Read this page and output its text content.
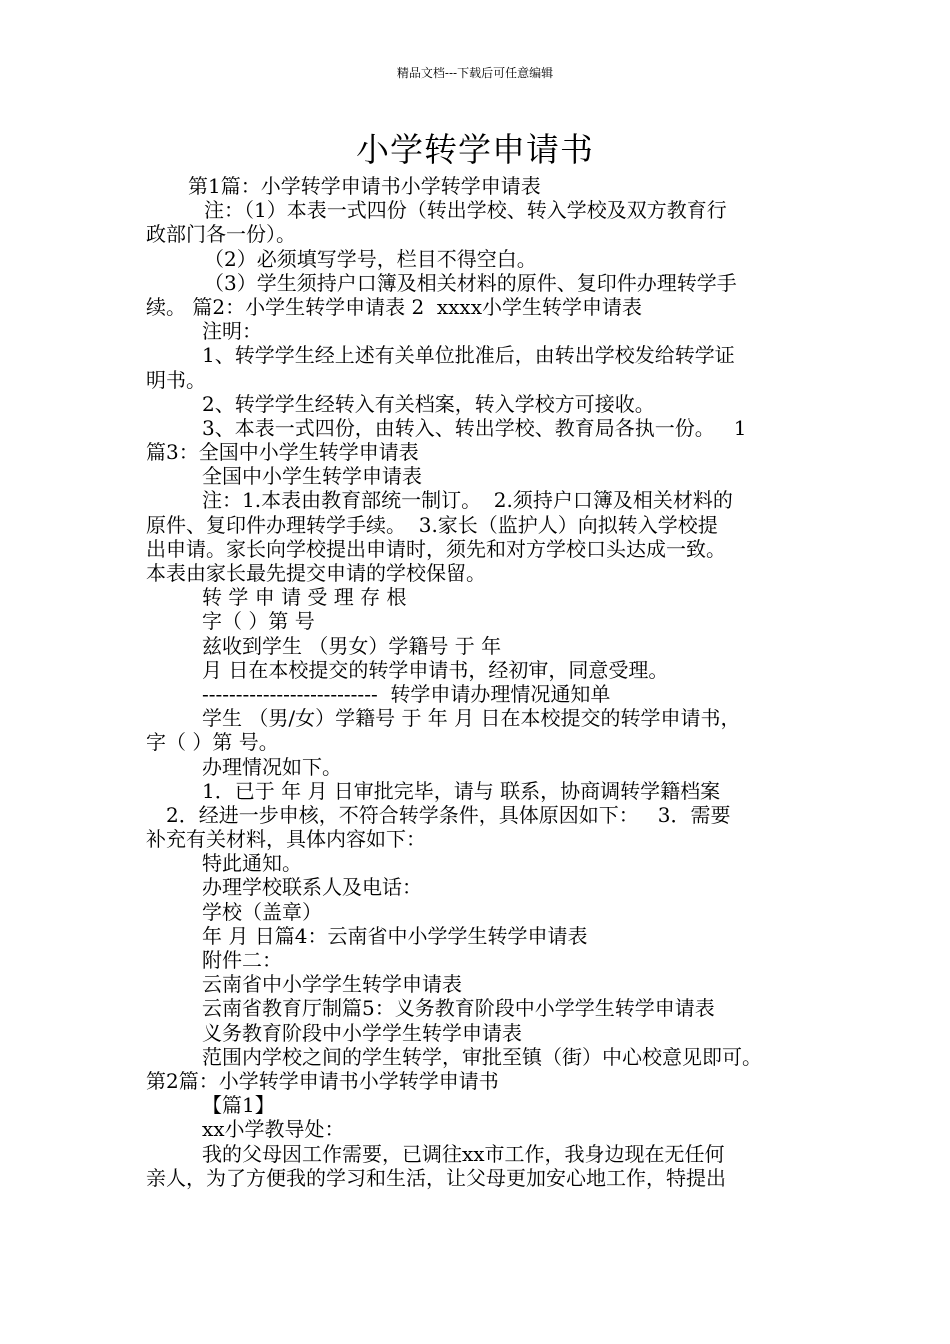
精品文档---下载后可任意编辑
小学转学申请书
第1篇：小学转学申请书小学转学申请表
注：（1）本表一式四份（转出学校、转入学校及双方教育行
政部门各一份）。
（2）必须填写学号，栏目不得空白。
（3）学生须持户口簿及相关材料的原件、复印件办理转学手
续。 篇2：小学生转学申请表 2  xxxx小学生转学申请表
注明：
1、转学学生经上述有关单位批准后，由转出学校发给转学证
明书。
2、转学学生经转入有关档案，转入学校方可接收。
3、本表一式四份，由转入、转出学校、教育局各执一份。   1
篇3：全国中小学生转学申请表
全国中小学生转学申请表
注：1.本表由教育部统一制订。  2.须持户口簿及相关材料的
原件、复印件办理转学手续。  3.家长（监护人）向拟转入学校提
出申请。家长向学校提出申请时，须先和对方学校口头达成一致。
本表由家长最先提交申请的学校保留。
转 学 申 请 受 理 存 根
字（ ）第 号
兹收到学生 （男女）学籍号 于 年
月 日在本校提交的转学申请书，经初审，同意受理。
--------------------------  转学申请办理情况通知单
学生 （男/女）学籍号 于 年 月 日在本校提交的转学申请书，
字（ ）第 号。
办理情况如下。
1．已于 年 月 日审批完毕，请与 联系，协商调转学籍档案
2．经进一步申核，不符合转学条件，具体原因如下：   3．需要
补充有关材料，具体内容如下：
特此通知。
办理学校联系人及电话：
学校（盖章）
年 月 日篇4：云南省中小学学生转学申请表
附件二：
云南省中小学学生转学申请表
云南省教育厅制篇5：义务教育阶段中小学学生转学申请表
义务教育阶段中小学学生转学申请表
范围内学校之间的学生转学，审批至镇（街）中心校意见即可。
第2篇：小学转学申请书小学转学申请书
【篇1】
xx小学教导处：
我的父母因工作需要，已调往xx市工作，我身边现在无任何
亲人，为了方便我的学习和生活，让父母更加安心地工作，特提出
